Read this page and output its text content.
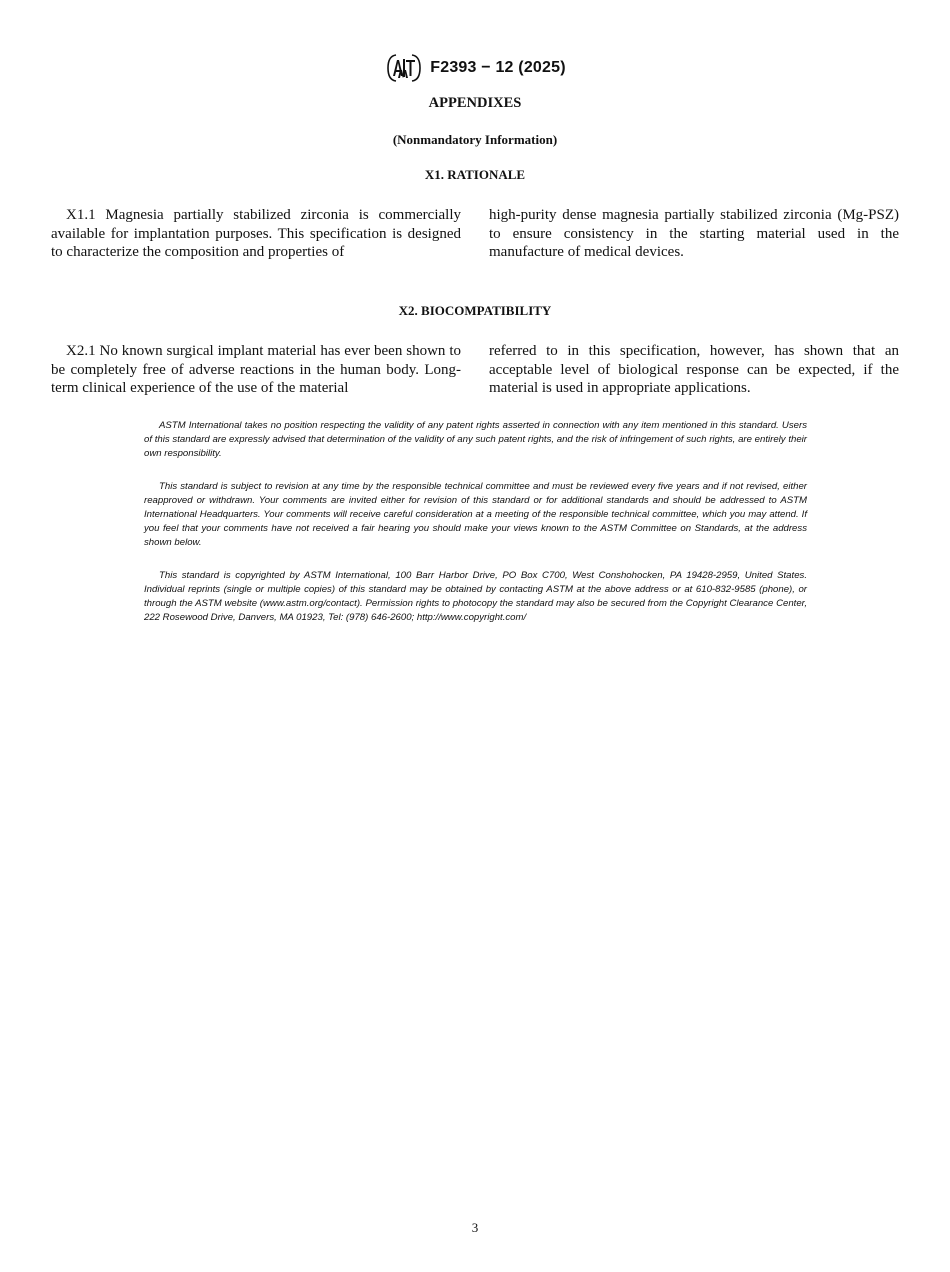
F2393 − 12 (2025)
APPENDIXES
(Nonmandatory Information)
X1. RATIONALE
X1.1 Magnesia partially stabilized zirconia is commercially available for implantation purposes. This specification is designed to characterize the composition and properties of
high-purity dense magnesia partially stabilized zirconia (Mg-PSZ) to ensure consistency in the starting material used in the manufacture of medical devices.
X2. BIOCOMPATIBILITY
X2.1 No known surgical implant material has ever been shown to be completely free of adverse reactions in the human body. Long-term clinical experience of the use of the material
referred to in this specification, however, has shown that an acceptable level of biological response can be expected, if the material is used in appropriate applications.
ASTM International takes no position respecting the validity of any patent rights asserted in connection with any item mentioned in this standard. Users of this standard are expressly advised that determination of the validity of any such patent rights, and the risk of infringement of such rights, are entirely their own responsibility.
This standard is subject to revision at any time by the responsible technical committee and must be reviewed every five years and if not revised, either reapproved or withdrawn. Your comments are invited either for revision of this standard or for additional standards and should be addressed to ASTM International Headquarters. Your comments will receive careful consideration at a meeting of the responsible technical committee, which you may attend. If you feel that your comments have not received a fair hearing you should make your views known to the ASTM Committee on Standards, at the address shown below.
This standard is copyrighted by ASTM International, 100 Barr Harbor Drive, PO Box C700, West Conshohocken, PA 19428-2959, United States. Individual reprints (single or multiple copies) of this standard may be obtained by contacting ASTM at the above address or at 610-832-9585 (phone), or through the ASTM website (www.astm.org/contact). Permission rights to photocopy the standard may also be secured from the Copyright Clearance Center, 222 Rosewood Drive, Danvers, MA 01923, Tel: (978) 646-2600; http://www.copyright.com/
3
